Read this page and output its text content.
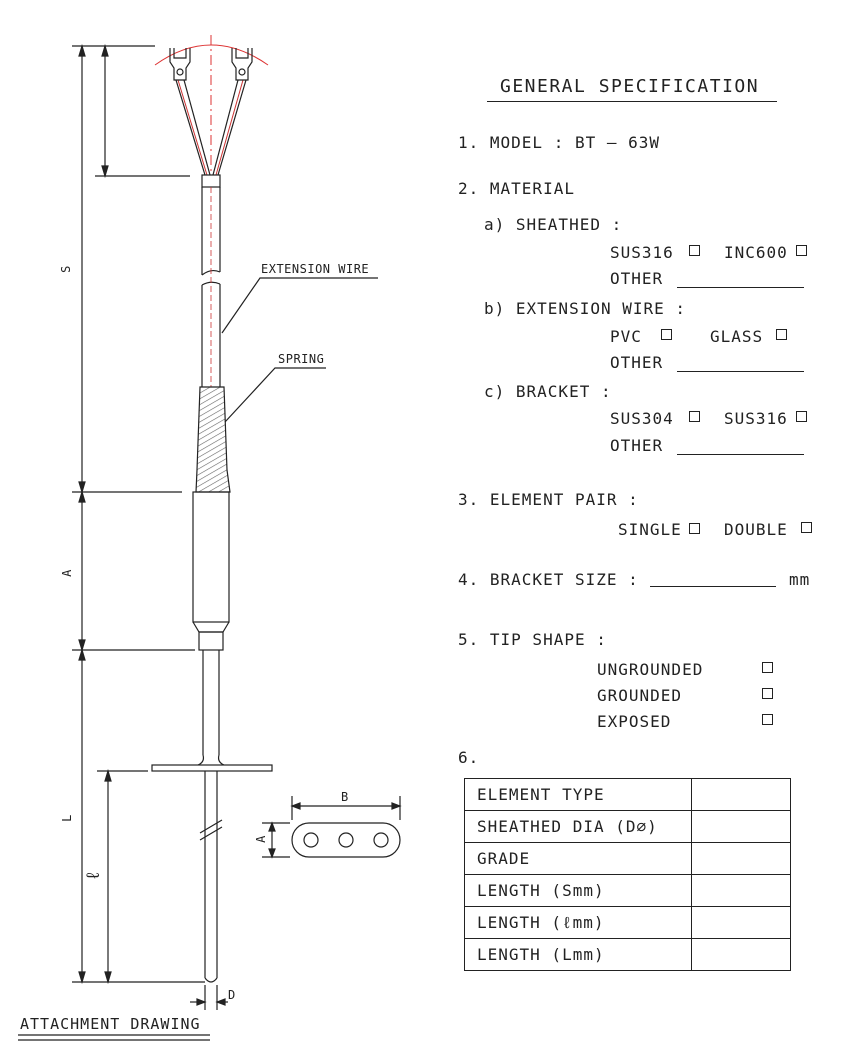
S
A
L
ℓ
D
B
A
EXTENSION WIRE
SPRING
ATTACHMENT DRAWING
GENERAL SPECIFICATION
1. MODEL : BT — 63W
2. MATERIAL
a) SHEATHED :
SUS316	INC600
OTHER
b) EXTENSION WIRE :
PVC	GLASS
OTHER
c) BRACKET :
SUS304	SUS316
OTHER
3. ELEMENT PAIR :
SINGLE	DOUBLE
4. BRACKET SIZE :	mm
5. TIP SHAPE :
UNGROUNDED
GROUNDED
EXPOSED
6.
ELEMENT TYPE	
SHEATHED DIA (D⌀)	
GRADE	
LENGTH (Smm)	
LENGTH (ℓmm)	
LENGTH (Lmm)	
